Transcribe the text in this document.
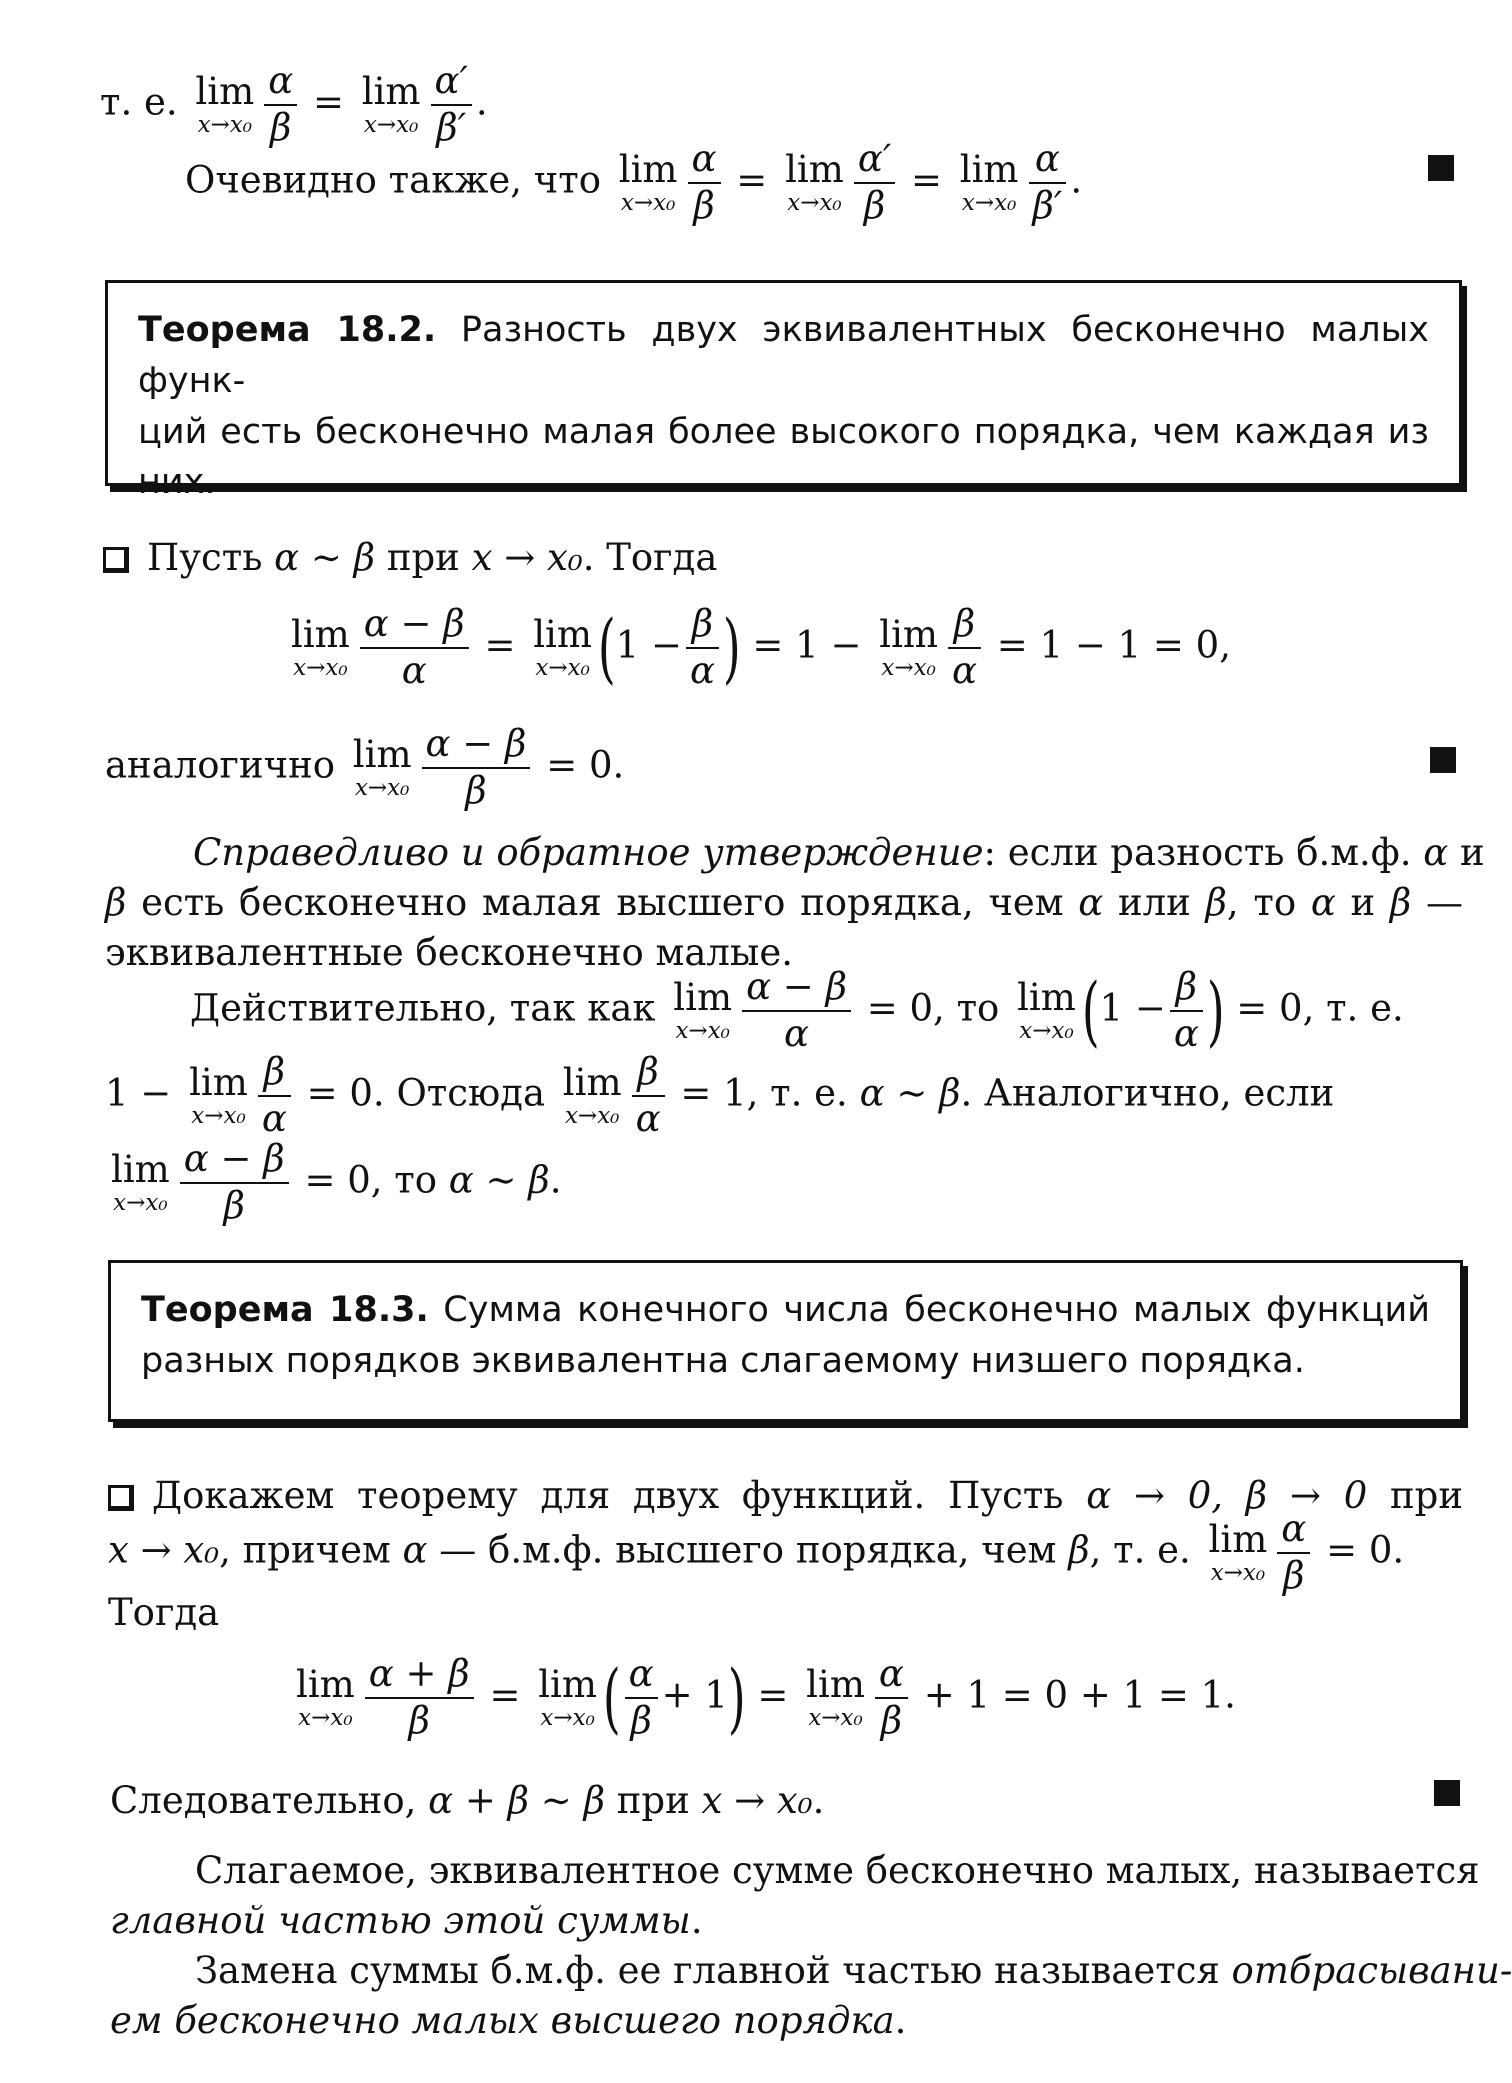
т. е. lim
$x\to x_0 \frac{\alpha}{\beta} = \lim$
$x\to x_0 \frac{\alpha'}{\beta'}$ .
Очевидно также, что lim
$x\to x_0 \frac{\alpha}{\beta} = \lim$
$x\to x_0 \frac{\alpha'}{\beta} = \lim$
$x\to x_0 \frac{\alpha}{\beta'}$ .
Теорема 18.2. Разность двух эквивалентных бесконечно малых функ-
ций есть бесконечно малая более высокого порядка, чем каждая из
них.
Пусть α ∼ β при x → x₀. Тогда
lim
$x\to x_0 \frac{\alpha - \beta}{\alpha} = \lim$
x→x₀ ($1 - \frac{\beta}{\alpha}$ ) = 1 − lim
$x\to x_0 \frac{\beta}{\alpha} = 1 - 1 = 0$,
аналогично lim
$x\to x_0 \frac{\alpha - \beta}{\beta} = 0$.
Справедливо и обратное утверждение: если разность б.м.ф. α и
β есть бесконечно малая высшего порядка, чем α или β, то α и β —
эквивалентные бесконечно малые.
Действительно, так как lim
$x\to x_0 \frac{\alpha - \beta}{\alpha} = 0$, то lim
x→x₀ ($1 - \frac{\beta}{\alpha}$ ) = 0, т. е.
1 − lim
$x\to x_0 \frac{\beta}{\alpha} = 0$. Отсюда lim
$x\to x_0 \frac{\beta}{\alpha} = 1$, т. е. α ∼ β. Аналогично, если
lim
$x\to x_0 \frac{\alpha - \beta}{\beta} = 0$, то α ∼ β.
Теорема 18.3. Сумма конечного числа бесконечно малых функций
разных порядков эквивалентна слагаемому низшего порядка.
Докажем теорему для двух функций. Пусть α → 0, β → 0 при
x → x₀, причем α — б.м.ф. высшего порядка, чем β, т. е. lim
$x\to x_0 \frac{\alpha}{\beta} = 0$.
Тогда
lim
$x\to x_0 \frac{\alpha + \beta}{\beta} = \lim$
x→x₀ ( $\frac{\alpha}{\beta} + 1) = \lim$
$x\to x_0 \frac{\alpha}{\beta} + 1 = 0 + 1 = 1$.
Следовательно, α + β ∼ β при x → x₀.
Слагаемое, эквивалентное сумме бесконечно малых, называется
главной частью этой суммы.
Замена суммы б.м.ф. ее главной частью называется отбрасывани-
ем бесконечно малых высшего порядка.
